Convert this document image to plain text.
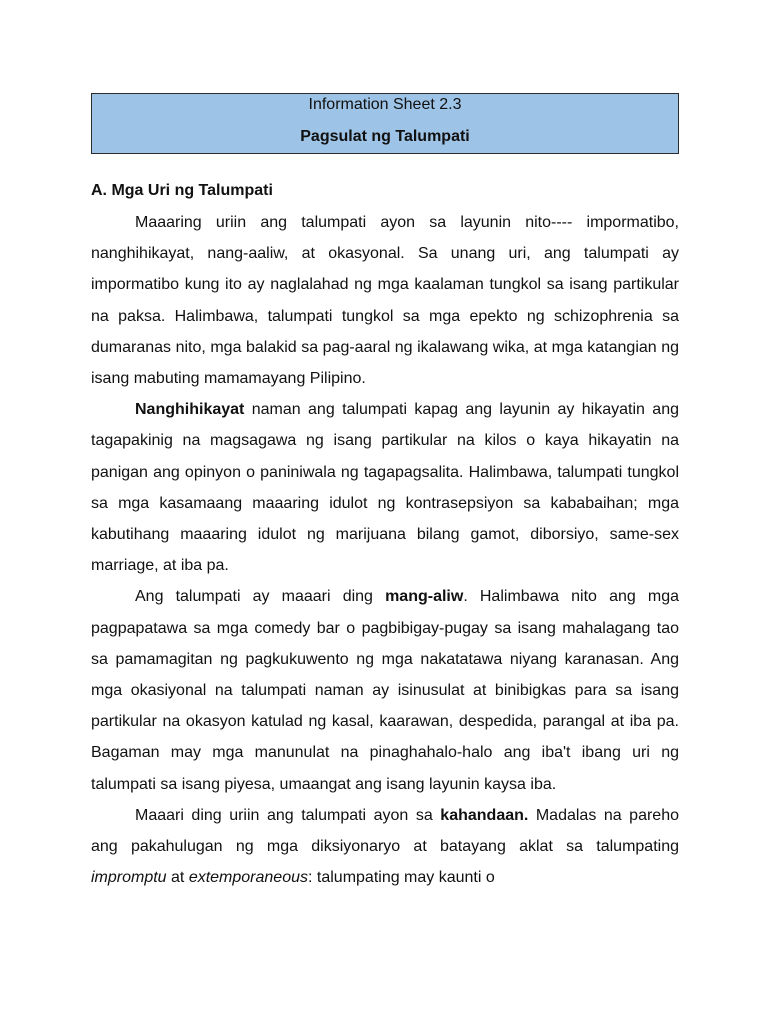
Information Sheet 2.3
Pagsulat ng Talumpati
A. Mga Uri ng Talumpati

Maaaring uriin ang talumpati ayon sa layunin nito---- impormatibo, nanghihikayat, nang-aaliw, at okasyonal. Sa unang uri, ang talumpati ay impormatibo kung ito ay naglalahad ng mga kaalaman tungkol sa isang partikular na paksa. Halimbawa, talumpati tungkol sa mga epekto ng schizophrenia sa dumaranas nito, mga balakid sa pag-aaral ng ikalawang wika, at mga katangian ng isang mabuting mamamayang Pilipino.

Nanghihikayat naman ang talumpati kapag ang layunin ay hikayatin ang tagapakinig na magsagawa ng isang partikular na kilos o kaya hikayatin na panigan ang opinyon o paniniwala ng tagapagsalita. Halimbawa, talumpati tungkol sa mga kasamaang maaaring idulot ng kontrasepsiyon sa kababaihan; mga kabutihang maaaring idulot ng marijuana bilang gamot, diborsiyo, same-sex marriage, at iba pa.

Ang talumpati ay maaari ding mang-aliw. Halimbawa nito ang mga pagpapatawa sa mga comedy bar o pagbibigay-pugay sa isang mahalagang tao sa pamamagitan ng pagkukuwento ng mga nakatatawa niyang karanasan. Ang mga okasiyonal na talumpati naman ay isinusulat at binibigkas para sa isang partikular na okasyon katulad ng kasal, kaarawan, despedida, parangal at iba pa. Bagaman may mga manunulat na pinaghahalo-halo ang iba't ibang uri ng talumpati sa isang piyesa, umaangat ang isang layunin kaysa iba.

Maaari ding uriin ang talumpati ayon sa kahandaan. Madalas na pareho ang pakahulugan ng mga diksiyonaryo at batayang aklat sa talumpating impromptu at extemporaneous: talumpating may kaunti o
